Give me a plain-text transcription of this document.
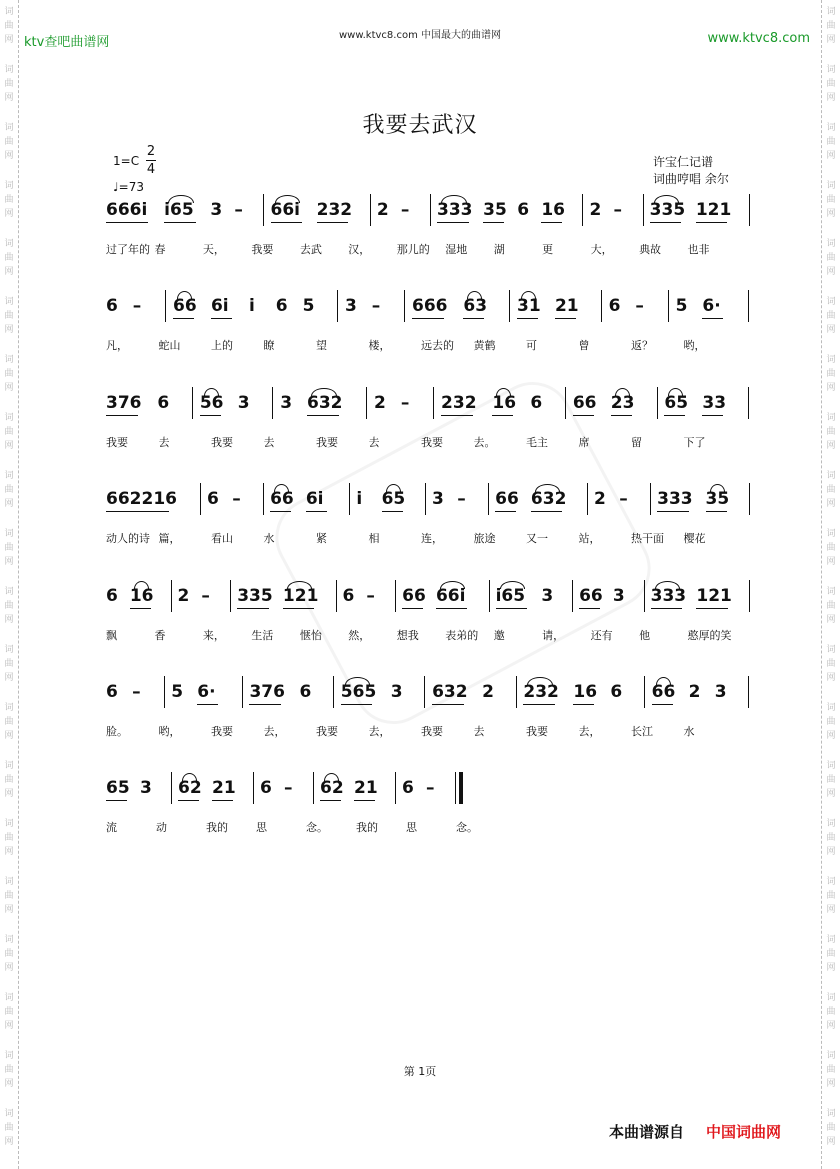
词
曲
网
词
曲
网
词
曲
网
词
曲
网
词
曲
网
词
曲
网
词
曲
网
词
曲
网
词
曲
网
词
曲
网
词
曲
网
词
曲
网
词
曲
网
词
曲
网
词
曲
网
词
曲
网
词
曲
网
词
曲
网
词
曲
网
词
曲
网
词
曲
网
词
曲
网
词
曲
网
词
曲
网
词
曲
网
词
曲
网
词
曲
网
词
曲
网
词
曲
网
词
曲
网
词
曲
网
词
曲
网
词
曲
网
词
曲
网
词
曲
网
词
曲
网
词
曲
网
词
曲
网
词
曲
网
词
曲
网
ktv查吧曲谱网	www.ktvc8.com 中国最大的曲谱网	www.ktvc8.com
我要去武汉
1=C
2
4
♩=73
许宝仁记谱
词曲哼唱 余尔
666i i65 3 – 66i 232 2 – 333 35 6 16 2 – 335 121
过了年的 春	天， 我要 去武 汉， 那儿的 湿地 湖	更	大， 典故 也非
6 – 66 6i i 6 5 3 – 666 63 31 21 6 – 5 6·
凡，	蛇山	上的	瞭	望	楼，	远去的 黄鹤	可	曾	返？	哟，
376 6 56 3 3 632 2 – 232 16 6 66 23 65 33
我要	去	我要	去	我要	去	我要	去。	毛主	席	留	下了
662216 6 – 66 6i i 65 3 – 66 632 2 – 333 35
动人的诗 篇，	看山	水	紧	相	连，	旅途	又一	站，	热干面 樱花
6 16 2 – 335 121 6 – 66 66i i65 3 66 3 333 121
飘	香	来， 生活 惬怡 然， 想我 表弟的 邀	请， 还有 他	憨厚的笑
6 – 5 6· 376 6 565 3 632 2 232 16 6 66 2 3
脸。	哟，	我要	去，	我要	去，	我要	去	我要	去，	长江	水
65 3 62 21 6 – 62 21 6 –
流	动	我的	思	念。	我的	思	念。
第 1页
本曲谱源自 中国词曲网
